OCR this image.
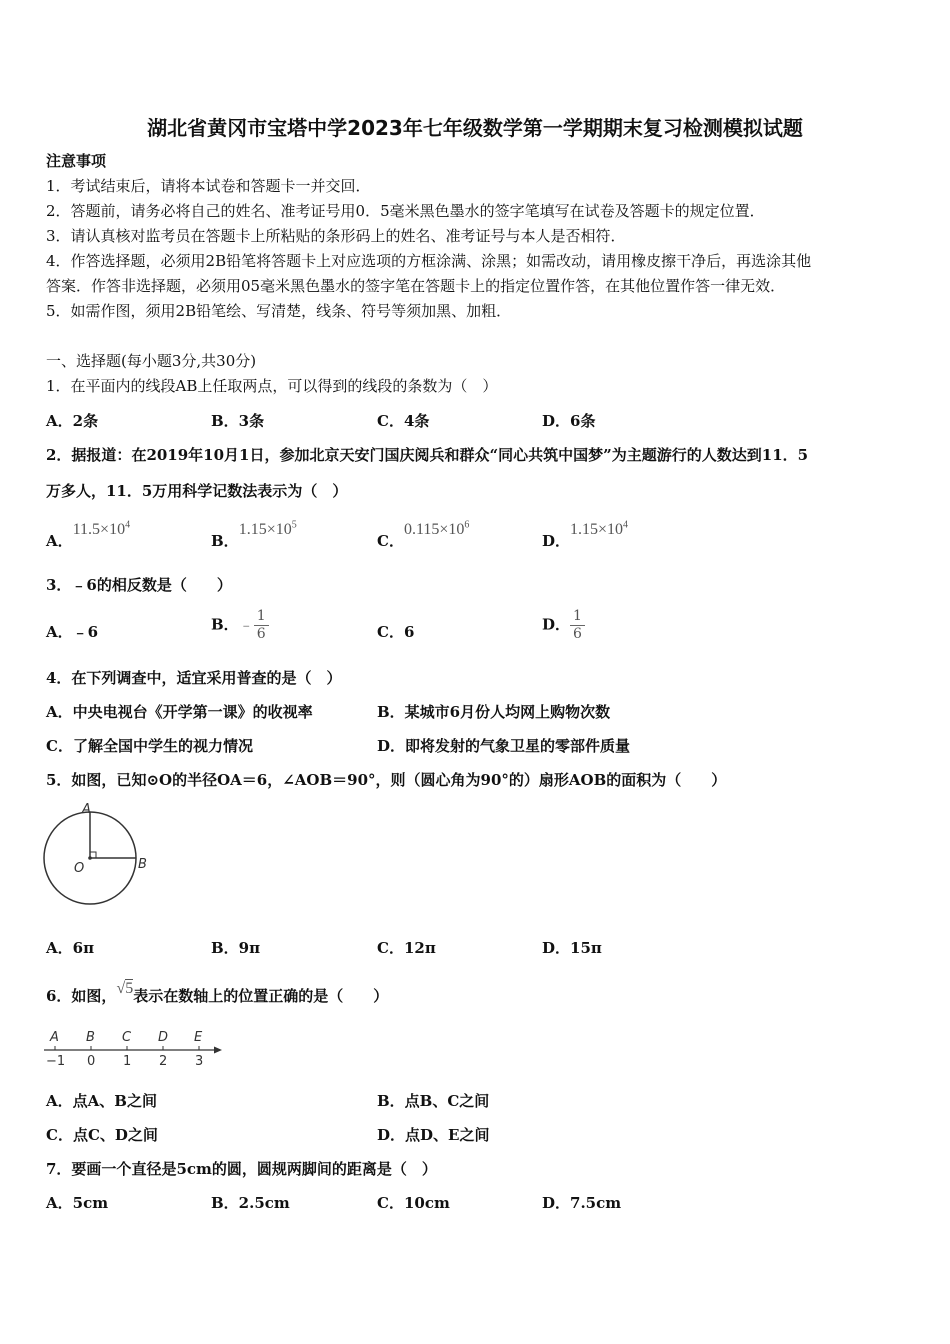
湖北省黄冈市宝塔中学2023年七年级数学第一学期期末复习检测模拟试题
注意事项
1．考试结束后，请将本试卷和答题卡一并交回．
2．答题前，请务必将自己的姓名、准考证号用0．5毫米黑色墨水的签字笔填写在试卷及答题卡的规定位置．
3．请认真核对监考员在答题卡上所粘贴的条形码上的姓名、准考证号与本人是否相符．
4．作答选择题，必须用2B铅笔将答题卡上对应选项的方框涂满、涂黑；如需改动，请用橡皮擦干净后，再选涂其他
答案．作答非选择题，必须用05毫米黑色墨水的签字笔在答题卡上的指定位置作答，在其他位置作答一律无效．
5．如需作图，须用2B铅笔绘、写清楚，线条、符号等须加黑、加粗．
一、选择题(每小题3分,共30分)
1．在平面内的线段AB上任取两点，可以得到的线段的条数为（　）
A．2条	B．3条	C．4条	D．6条
2．据报道：在2019年10月1日，参加北京天安门国庆阅兵和群众“同心共筑中国梦”为主题游行的人数达到11．5
万多人，11．5万用科学记数法表示为（　）
A．$11.5\times 10^4$
B．$1.15\times 10^5$
C．$0.115\times 10^6$
D．$1.15\times 10^4$
3．﹣6的相反数是（　　）
A．﹣6	B．﹣ $\frac{1}{6}$	C．6	D． $\frac{1}{6}$
4．在下列调查中，适宜采用普查的是（　）
A．中央电视台《开学第一课》的收视率	B．某城市6月份人均网上购物次数
C．了解全国中学生的视力情况	D．即将发射的气象卫星的零部件质量
5．如图，已知⊙O的半径OA＝6，∠AOB＝90°，则（圆心角为90°的）扇形AOB的面积为（　　）
A
B
O
A．6π	B．9π	C．12π	D．15π
6．如图，√5表示在数轴上的位置正确的是（　　）
A B C D E
−1 0 1 2 3
A．点A、B之间	B．点B、C之间
C．点C、D之间	D．点D、E之间
7．要画一个直径是5cm的圆，圆规两脚间的距离是（　）
A．5cm	B．2.5cm	C．10cm	D．7.5cm
